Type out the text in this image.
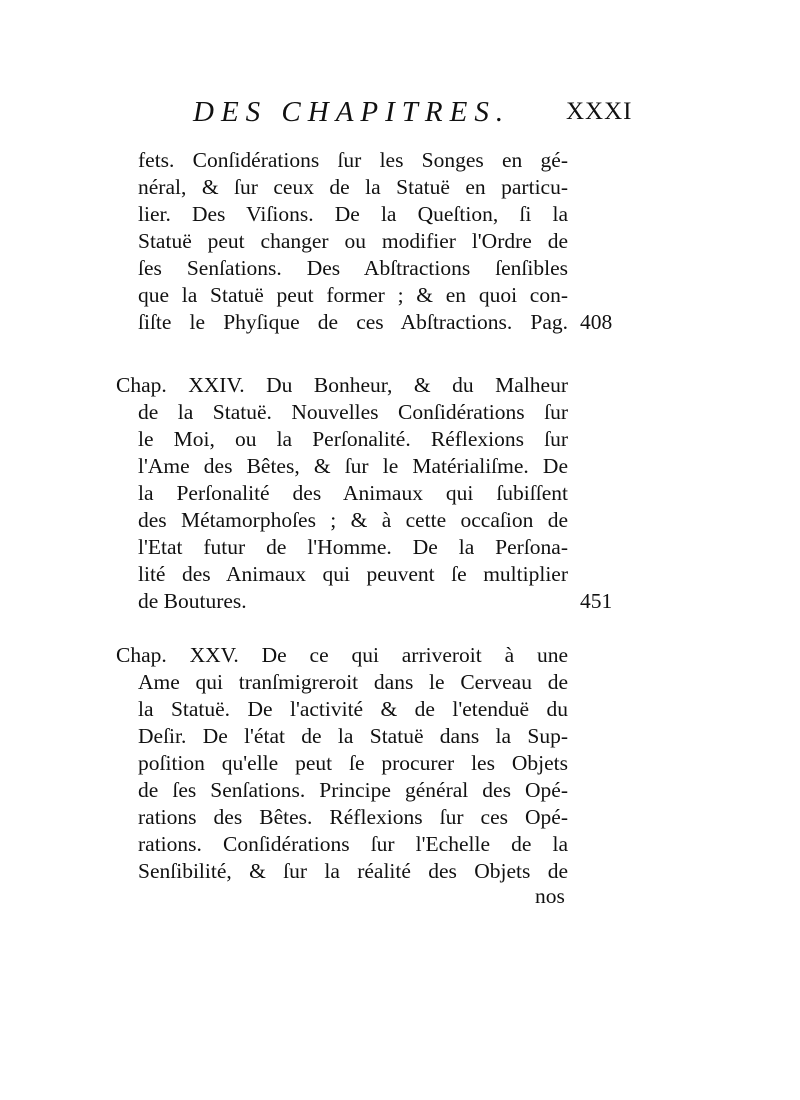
DES CHAPITRES. XXXI
fets. Conſidérations ſur les Songes en gé-
néral, & ſur ceux de la Statuë en particu-
lier. Des Viſions. De la Queſtion, ſi la
Statuë peut changer ou modifier l'Ordre de
ſes Senſations. Des Abſtractions ſenſibles
que la Statuë peut former ; & en quoi con-
ſiſte le Phyſique de ces Abſtractions. Pag. 408
Chap. XXIV. Du Bonheur, & du Malheur
de la Statuë. Nouvelles Conſidérations ſur
le Moi, ou la Perſonalité. Réflexions ſur
l'Ame des Bêtes, & ſur le Matérialiſme. De
la Perſonalité des Animaux qui ſubiſſent
des Métamorphoſes ; & à cette occaſion de
l'Etat futur de l'Homme. De la Perſona-
lité des Animaux qui peuvent ſe multiplier
de Boutures.	451
Chap. XXV. De ce qui arriveroit à une
Ame qui tranſmigreroit dans le Cerveau de
la Statuë. De l'activité & de l'etenduë du
Deſir. De l'état de la Statuë dans la Sup-
poſition qu'elle peut ſe procurer les Objets
de ſes Senſations. Principe général des Opé-
rations des Bêtes. Réflexions ſur ces Opé-
rations. Conſidérations ſur l'Echelle de la
Senſibilité, & ſur la réalité des Objets de
nos
